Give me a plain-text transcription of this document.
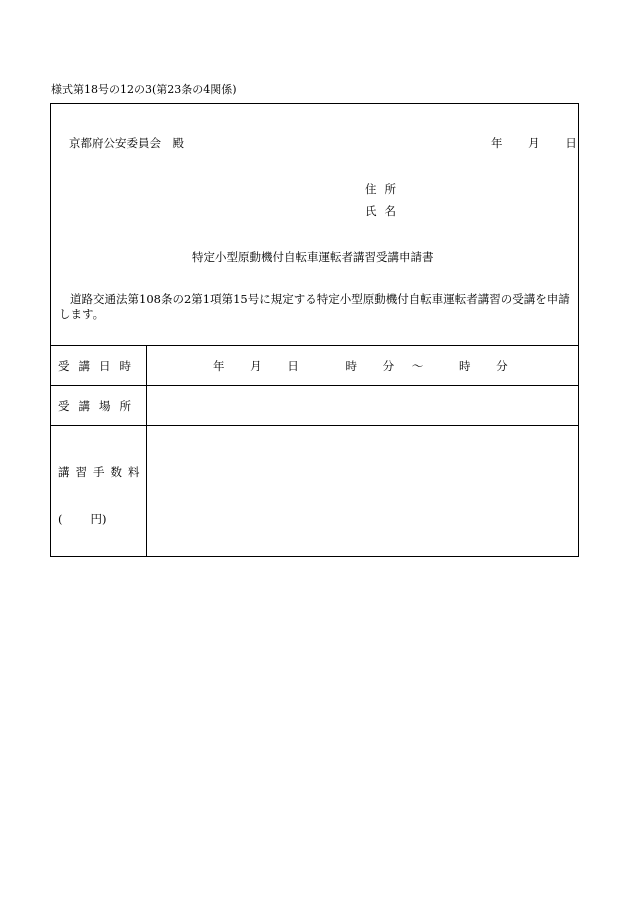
様式第18号の12の3(第23条の4関係)
京都府公安委員会　殿	年 月 日
住所
氏名
特定小型原動機付自転車運転者講習受講申請書
道路交通法第108条の2第1項第15号に規定する特定小型原動機付自転車運転者講習の受講を申請します。
受講日時	年 月 日	時 分 ～	時 分
受講場所
講習手数料
( 円)
